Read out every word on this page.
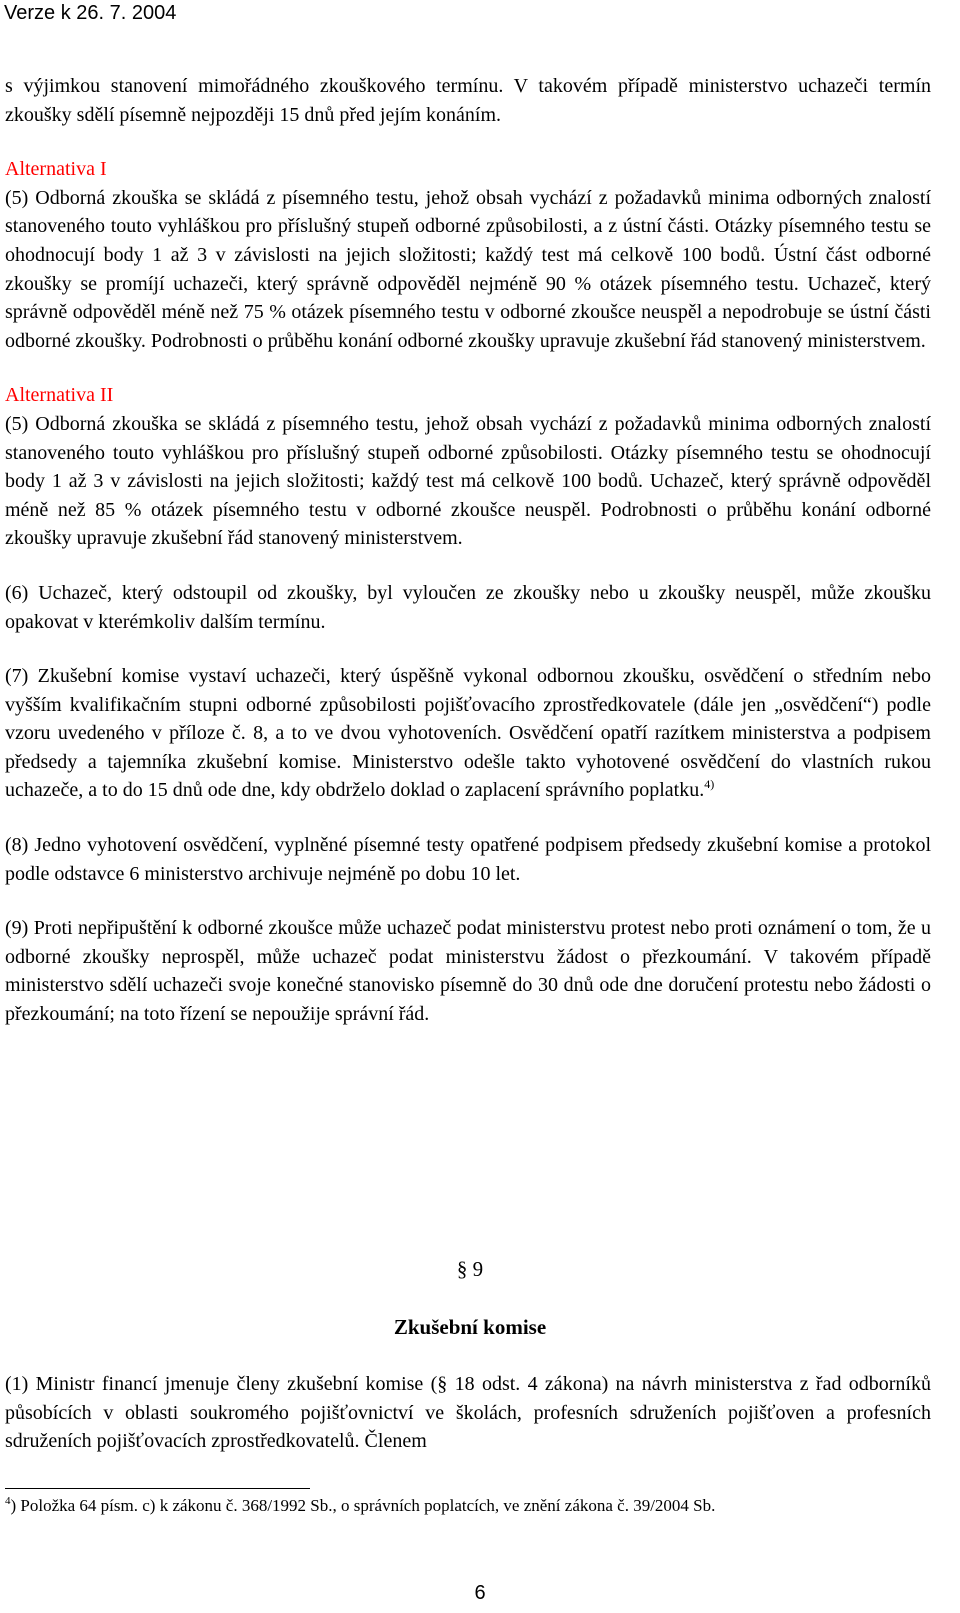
Verze k 26. 7. 2004

s výjimkou stanovení mimořádného zkouškového termínu. V takovém případě ministerstvo uchazeči termín zkoušky sdělí písemně nejpozději 15 dnů před jejím konáním.

Alternativa I

(5) Odborná zkouška se skládá z písemného testu, jehož obsah vychází z požadavků minima odborných znalostí stanoveného touto vyhláškou pro příslušný stupeň odborné způsobilosti, a z ústní části. Otázky písemného testu se ohodnocují body 1 až 3 v závislosti na jejich složitosti; každý test má celkově 100 bodů. Ústní část odborné zkoušky se promíjí uchazeči, který správně odpověděl nejméně 90 % otázek písemného testu. Uchazeč, který správně odpověděl méně než 75 % otázek písemného testu v odborné zkoušce neuspěl a nepodrobuje se ústní části odborné zkoušky. Podrobnosti o průběhu konání odborné zkoušky upravuje zkušební řád stanovený ministerstvem.

Alternativa II

(5) Odborná zkouška se skládá z písemného testu, jehož obsah vychází z požadavků minima odborných znalostí stanoveného touto vyhláškou pro příslušný stupeň odborné způsobilosti. Otázky písemného testu se ohodnocují body 1 až 3 v závislosti na jejich složitosti; každý test má celkově 100 bodů. Uchazeč, který správně odpověděl méně než 85 % otázek písemného testu v odborné zkoušce neuspěl. Podrobnosti o průběhu konání odborné zkoušky upravuje zkušební řád stanovený ministerstvem.

(6) Uchazeč, který odstoupil od zkoušky, byl vyloučen ze zkoušky nebo u zkoušky neuspěl, může zkoušku opakovat v kterémkoliv dalším termínu.

(7) Zkušební komise vystaví uchazeči, který úspěšně vykonal odbornou zkoušku, osvědčení o středním nebo vyšším kvalifikačním stupni odborné způsobilosti pojišťovacího zprostředkovatele (dále jen „osvědčení“) podle vzoru uvedeného v příloze č. 8, a to ve dvou vyhotoveních. Osvědčení opatří razítkem ministerstva a podpisem předsedy a tajemníka zkušební komise. Ministerstvo odešle takto vyhotovené osvědčení do vlastních rukou uchazeče, a to do 15 dnů ode dne, kdy obdrželo doklad o zaplacení správního poplatku.$^{4)}$

(8) Jedno vyhotovení osvědčení, vyplněné písemné testy opatřené podpisem předsedy zkušební komise a protokol podle odstavce 6 ministerstvo archivuje nejméně po dobu 10 let.

(9) Proti nepřipuštění k odborné zkoušce může uchazeč podat ministerstvu protest nebo proti oznámení o tom, že u odborné zkoušky neprospěl, může uchazeč podat ministerstvu žádost o přezkoumání. V takovém případě ministerstvo sdělí uchazeči svoje konečné stanovisko písemně do 30 dnů ode dne doručení protestu nebo žádosti o přezkoumání; na toto řízení se nepoužije správní řád.

§ 9
Zkušební komise

(1) Ministr financí jmenuje členy zkušební komise (§ 18 odst. 4 zákona) na návrh ministerstva z řad odborníků působících v oblasti soukromého pojišťovnictví ve školách, profesních sdruženích pojišťoven a profesních sdruženích pojišťovacích zprostředkovatelů. Členem

$^4$) Položka 64 písm. c) k zákonu č. 368/1992 Sb., o správních poplatcích, ve znění zákona č. 39/2004 Sb.
6
